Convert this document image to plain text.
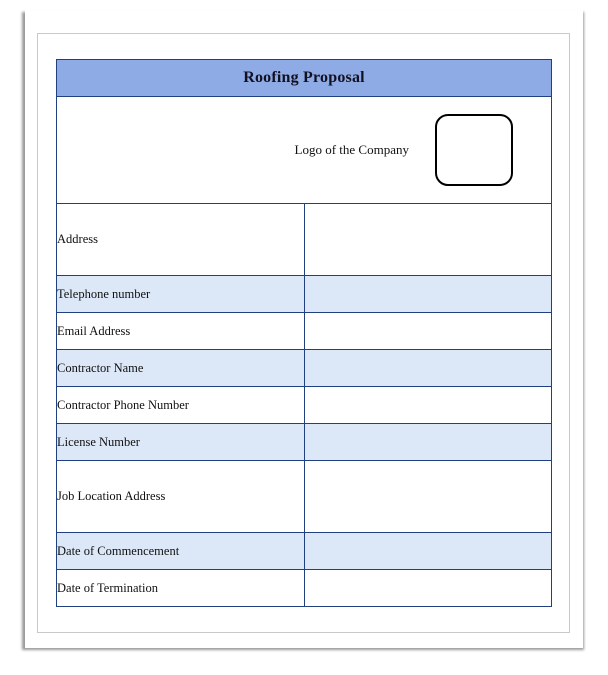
Roofing Proposal	

Logo of the Company	

Address	

Telephone number	

Email Address	

Contractor Name	

Contractor Phone Number	

License Number	

Job Location Address	

Date of Commencement	

Date of Termination	
